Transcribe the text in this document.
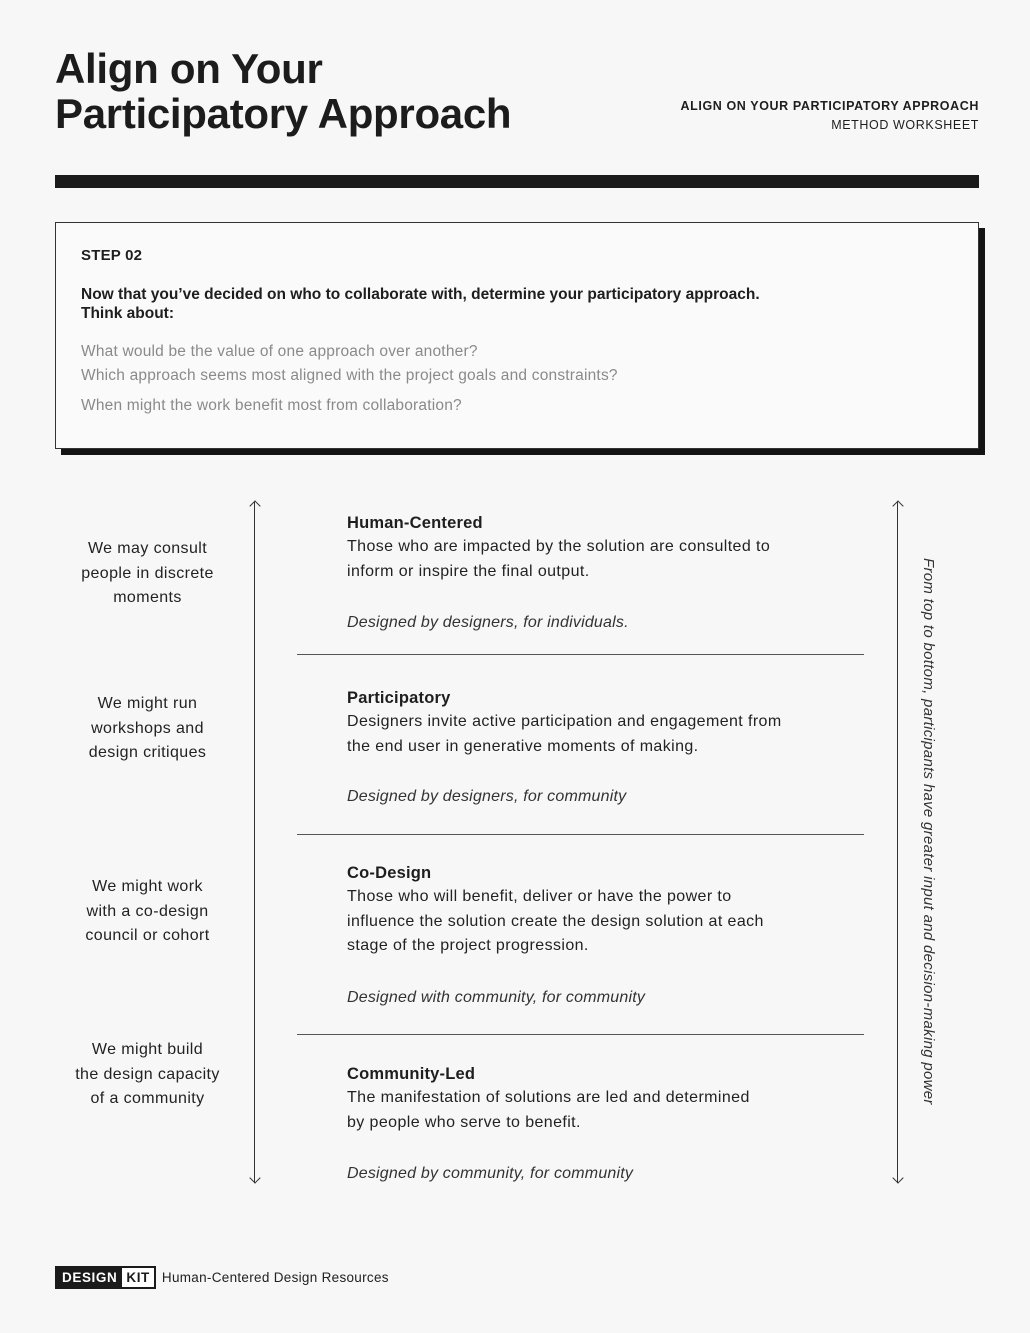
Align on Your
Participatory Approach	ALIGN ON YOUR PARTICIPATORY APPROACH
METHOD WORKSHEET
STEP 02
Now that you’ve decided on who to collaborate with, determine your participatory approach.
Think about:
What would be the value of one approach over another?
Which approach seems most aligned with the project goals and constraints?
When might the work benefit most from collaboration?
We may consult
people in discrete
moments
We might run
workshops and
design critiques
We might work
with a co-design
council or cohort
We might build
the design capacity
of a community
Human-Centered
Those who are impacted by the solution are consulted to
inform or inspire the final output.
Designed by designers, for individuals.
Participatory
Designers invite active participation and engagement from
the end user in generative moments of making.
Designed by designers, for community
Co-Design
Those who will benefit, deliver or have the power to
influence the solution create the design solution at each
stage of the project progression.
Designed with community, for community
Community-Led
The manifestation of solutions are led and determined
by people who serve to benefit.
Designed by community, for community
From top to bottom, participants have greater input and decision-making power
DESIGN KIT Human-Centered Design Resources
